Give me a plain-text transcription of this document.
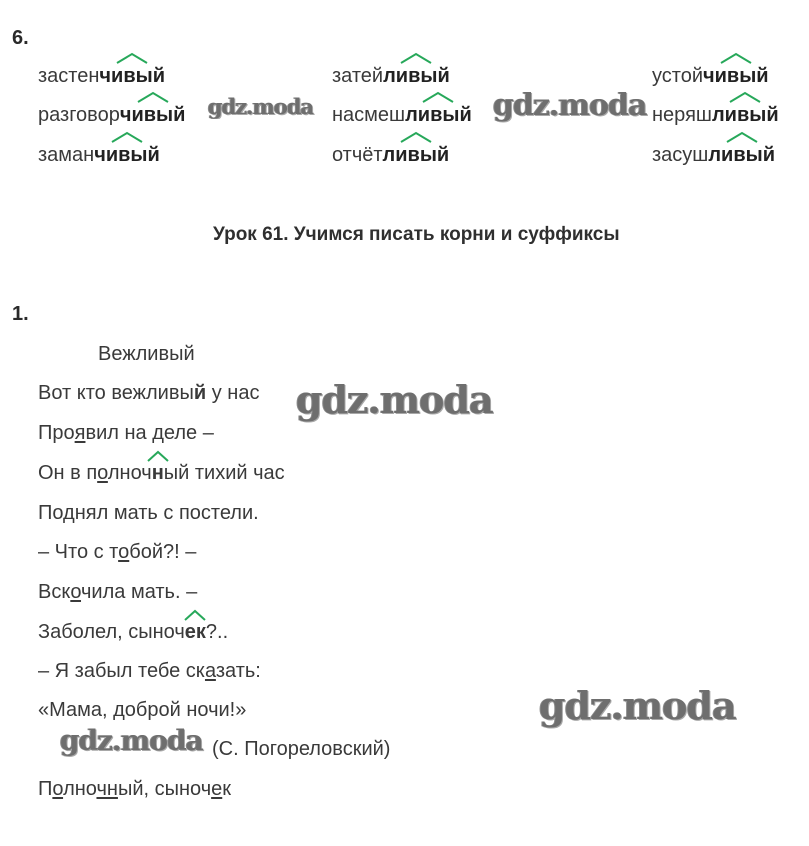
6.
застен
чивый
разговор
чивый
заман
чивый
затей
ливый
насмеш
ливый
отчёт
ливый
устой
чивый
неряш
ливый
засуш
ливый
Урок 61. Учимся писать корни и суффиксы
1.
Вежливый
Вот кто вежливый у нас
Проявил на деле –
Он в полноч
ный тихий час
Поднял мать с постели.
– Что с тобой?! –
Вскочила мать. –
Заболел, сыноч
ек?..
– Я забыл тебе сказать:
«Мама, доброй ночи!»
(С. Погореловский)
Полночный, сыночек
gdz.moda	gdz.moda
gdz.moda
gdz.moda
gdz.moda
